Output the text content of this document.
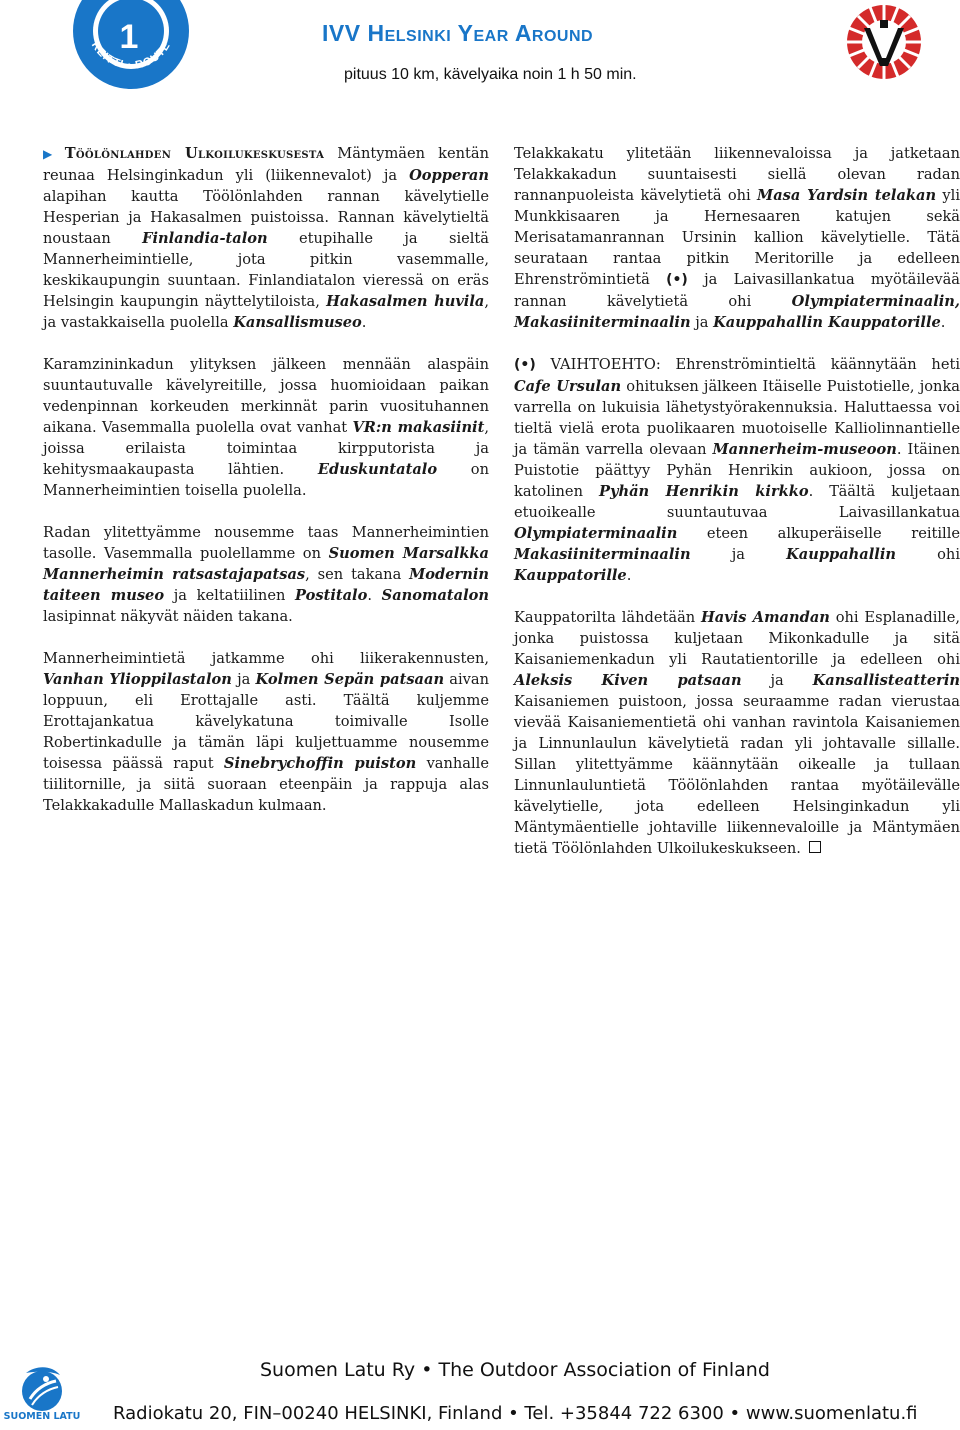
1
REITTI • ROUTE
IVV Helsinki Year Around
pituus 10 km, kävelyaika noin 1 h 50 min.

▶ Töölönlahden Ulkoilukeskusesta Mäntymäen kentän reunaa Helsinginkadun yli (liikennevalot) ja Oopperan alapihan kautta Töölönlahden rannan kävelytielle Hesperian ja Hakasalmen puistoissa. Rannan kävelytieltä noustaan Finlandia-talon etupihalle ja sieltä Mannerheimintielle, jota pitkin vasemmalle, keskikaupungin suuntaan. Finlandiatalon vieressä on eräs Helsingin kaupungin näyttelytiloista, Hakasalmen huvila, ja vastakkaisella puolella Kansallismuseo.

Karamzininkadun ylityksen jälkeen mennään alaspäin suuntautuvalle kävelyreitille, jossa huomioidaan paikan vedenpinnan korkeuden merkinnät parin vuosituhannen aikana. Vasemmalla puolella ovat vanhat VR:n makasiinit, joissa erilaista toimintaa kirpputorista ja kehitysmaakaupasta lähtien. Eduskuntatalo on Mannerheimintien toisella puolella.

Radan ylitettyämme nousemme taas Mannerheimintien tasolle. Vasemmalla puolellamme on Suomen Marsalkka Mannerheimin ratsastajapatsas, sen takana Modernin taiteen museo ja keltatiilinen Postitalo. Sanomatalon lasipinnat näkyvät näiden takana.

Mannerheimintietä jatkamme ohi liikerakennusten, Vanhan Ylioppilastalon ja Kolmen Sepän patsaan aivan loppuun, eli Erottajalle asti. Täältä kuljemme Erottajankatua kävelykatuna toimivalle Isolle Robertinkadulle ja tämän läpi kuljettuamme nousemme toisessa päässä raput Sinebrychoffin puiston vanhalle tiilitornille, ja siitä suoraan eteenpäin ja rappuja alas Telakkakadulle Mallaskadun kulmaan.

Telakkakatu ylitetään liikennevaloissa ja jatketaan Telakkakadun suuntaisesti siellä olevan radan rannanpuoleista kävelytietä ohi Masa Yardsin telakan yli Munkkisaaren ja Hernesaaren katujen sekä Merisatamanrannan Ursinin kallion kävelytielle. Tätä seurataan rantaa pitkin Meritorille ja edelleen Ehrenströmintietä (•) ja Laivasillankatua myötäilevää rannan kävelytietä ohi Olympiaterminaalin, Makasiiniterminaalin ja Kauppahallin Kauppatorille.

(•) VAIHTOEHTO: Ehrenströmintieltä käännytään heti Cafe Ursulan ohituksen jälkeen Itäiselle Puistotielle, jonka varrella on lukuisia lähetystyörakennuksia. Haluttaessa voi tieltä vielä erota puolikaaren muotoiselle Kalliolinnantielle ja tämän varrella olevaan Mannerheim-museoon. Itäinen Puistotie päättyy Pyhän Henrikin aukioon, jossa on katolinen Pyhän Henrikin kirkko. Täältä kuljetaan etuoikealle suuntautuvaa Laivasillankatua Olympiaterminaalin eteen alkuperäiselle reitille Makasiiniterminaalin ja Kauppahallin ohi Kauppatorille.

Kauppatorilta lähdetään Havis Amandan ohi Esplanadille, jonka puistossa kuljetaan Mikonkadulle ja sitä Kaisaniemenkadun yli Rautatientorille ja edelleen ohi Aleksis Kiven patsaan ja Kansallisteatterin Kaisaniemen puistoon, jossa seuraamme radan vierustaa vievää Kaisaniementietä ohi vanhan ravintola Kaisaniemen ja Linnunlaulun kävelytietä radan yli johtavalle sillalle. Sillan ylitettyämme käännytään oikealle ja tullaan Linnunlauluntietä Töölönlahden rantaa myötäilevälle kävelytielle, jota edelleen Helsinginkadun yli Mäntymäentielle johtaville liikennevaloille ja Mäntymäen tietä Töölönlahden Ulkoilukeskukseen.

SUOMEN LATU
Suomen Latu Ry • The Outdoor Association of Finland
Radiokatu 20, FIN–00240 HELSINKI, Finland • Tel. +35844 722 6300 • www.suomenlatu.fi
